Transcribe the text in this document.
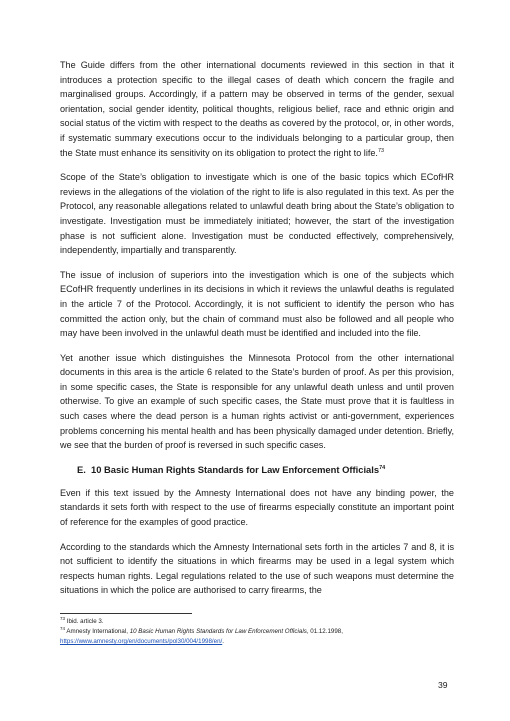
The Guide differs from the other international documents reviewed in this section in that it introduces a protection specific to the illegal cases of death which concern the fragile and marginalised groups. Accordingly, if a pattern may be observed in terms of the gender, sexual orientation, social gender identity, political thoughts, religious belief, race and ethnic origin and social status of the victim with respect to the deaths as covered by the protocol, or, in other words, if systematic summary executions occur to the individuals belonging to a particular group, then the State must enhance its sensitivity on its obligation to protect the right to life.$^{73}$

Scope of the State’s obligation to investigate which is one of the basic topics which ECofHR reviews in the allegations of the violation of the right to life is also regulated in this text. As per the Protocol, any reasonable allegations related to unlawful death bring about the State’s obligation to investigate. Investigation must be immediately initiated; however, the start of the investigation phase is not sufficient alone. Investigation must be conducted effectively, comprehensively, independently, impartially and transparently.

The issue of inclusion of superiors into the investigation which is one of the subjects which ECofHR frequently underlines in its decisions in which it reviews the unlawful deaths is regulated in the article 7 of the Protocol. Accordingly, it is not sufficient to identify the person who has committed the action only, but the chain of command must also be followed and all people who may have been involved in the unlawful death must be identified and included into the file.

Yet another issue which distinguishes the Minnesota Protocol from the other international documents in this area is the article 6 related to the State’s burden of proof. As per this provision, in some specific cases, the State is responsible for any unlawful death unless and until proven otherwise. To give an example of such specific cases, the State must prove that it is faultless in such cases where the dead person is a human rights activist or anti-government, experiences problems concerning his mental health and has been physically damaged under detention. Briefly, we see that the burden of proof is reversed in such specific cases.

E. 10 Basic Human Rights Standards for Law Enforcement Officials$^{74}$

Even if this text issued by the Amnesty International does not have any binding power, the standards it sets forth with respect to the use of firearms especially constitute an important point of reference for the examples of good practice.

According to the standards which the Amnesty International sets forth in the articles 7 and 8, it is not sufficient to identify the situations in which firearms may be used in a legal system which respects human rights. Legal regulations related to the use of such weapons must determine the situations in which the police are authorised to carry firearms, the

$^{73}$ Ibid. article 3.
$^{74}$ Amnesty International, 10 Basic Human Rights Standards for Law Enforcement Officials, 01.12.1998,
https://www.amnesty.org/en/documents/pol30/004/1998/en/.
39
